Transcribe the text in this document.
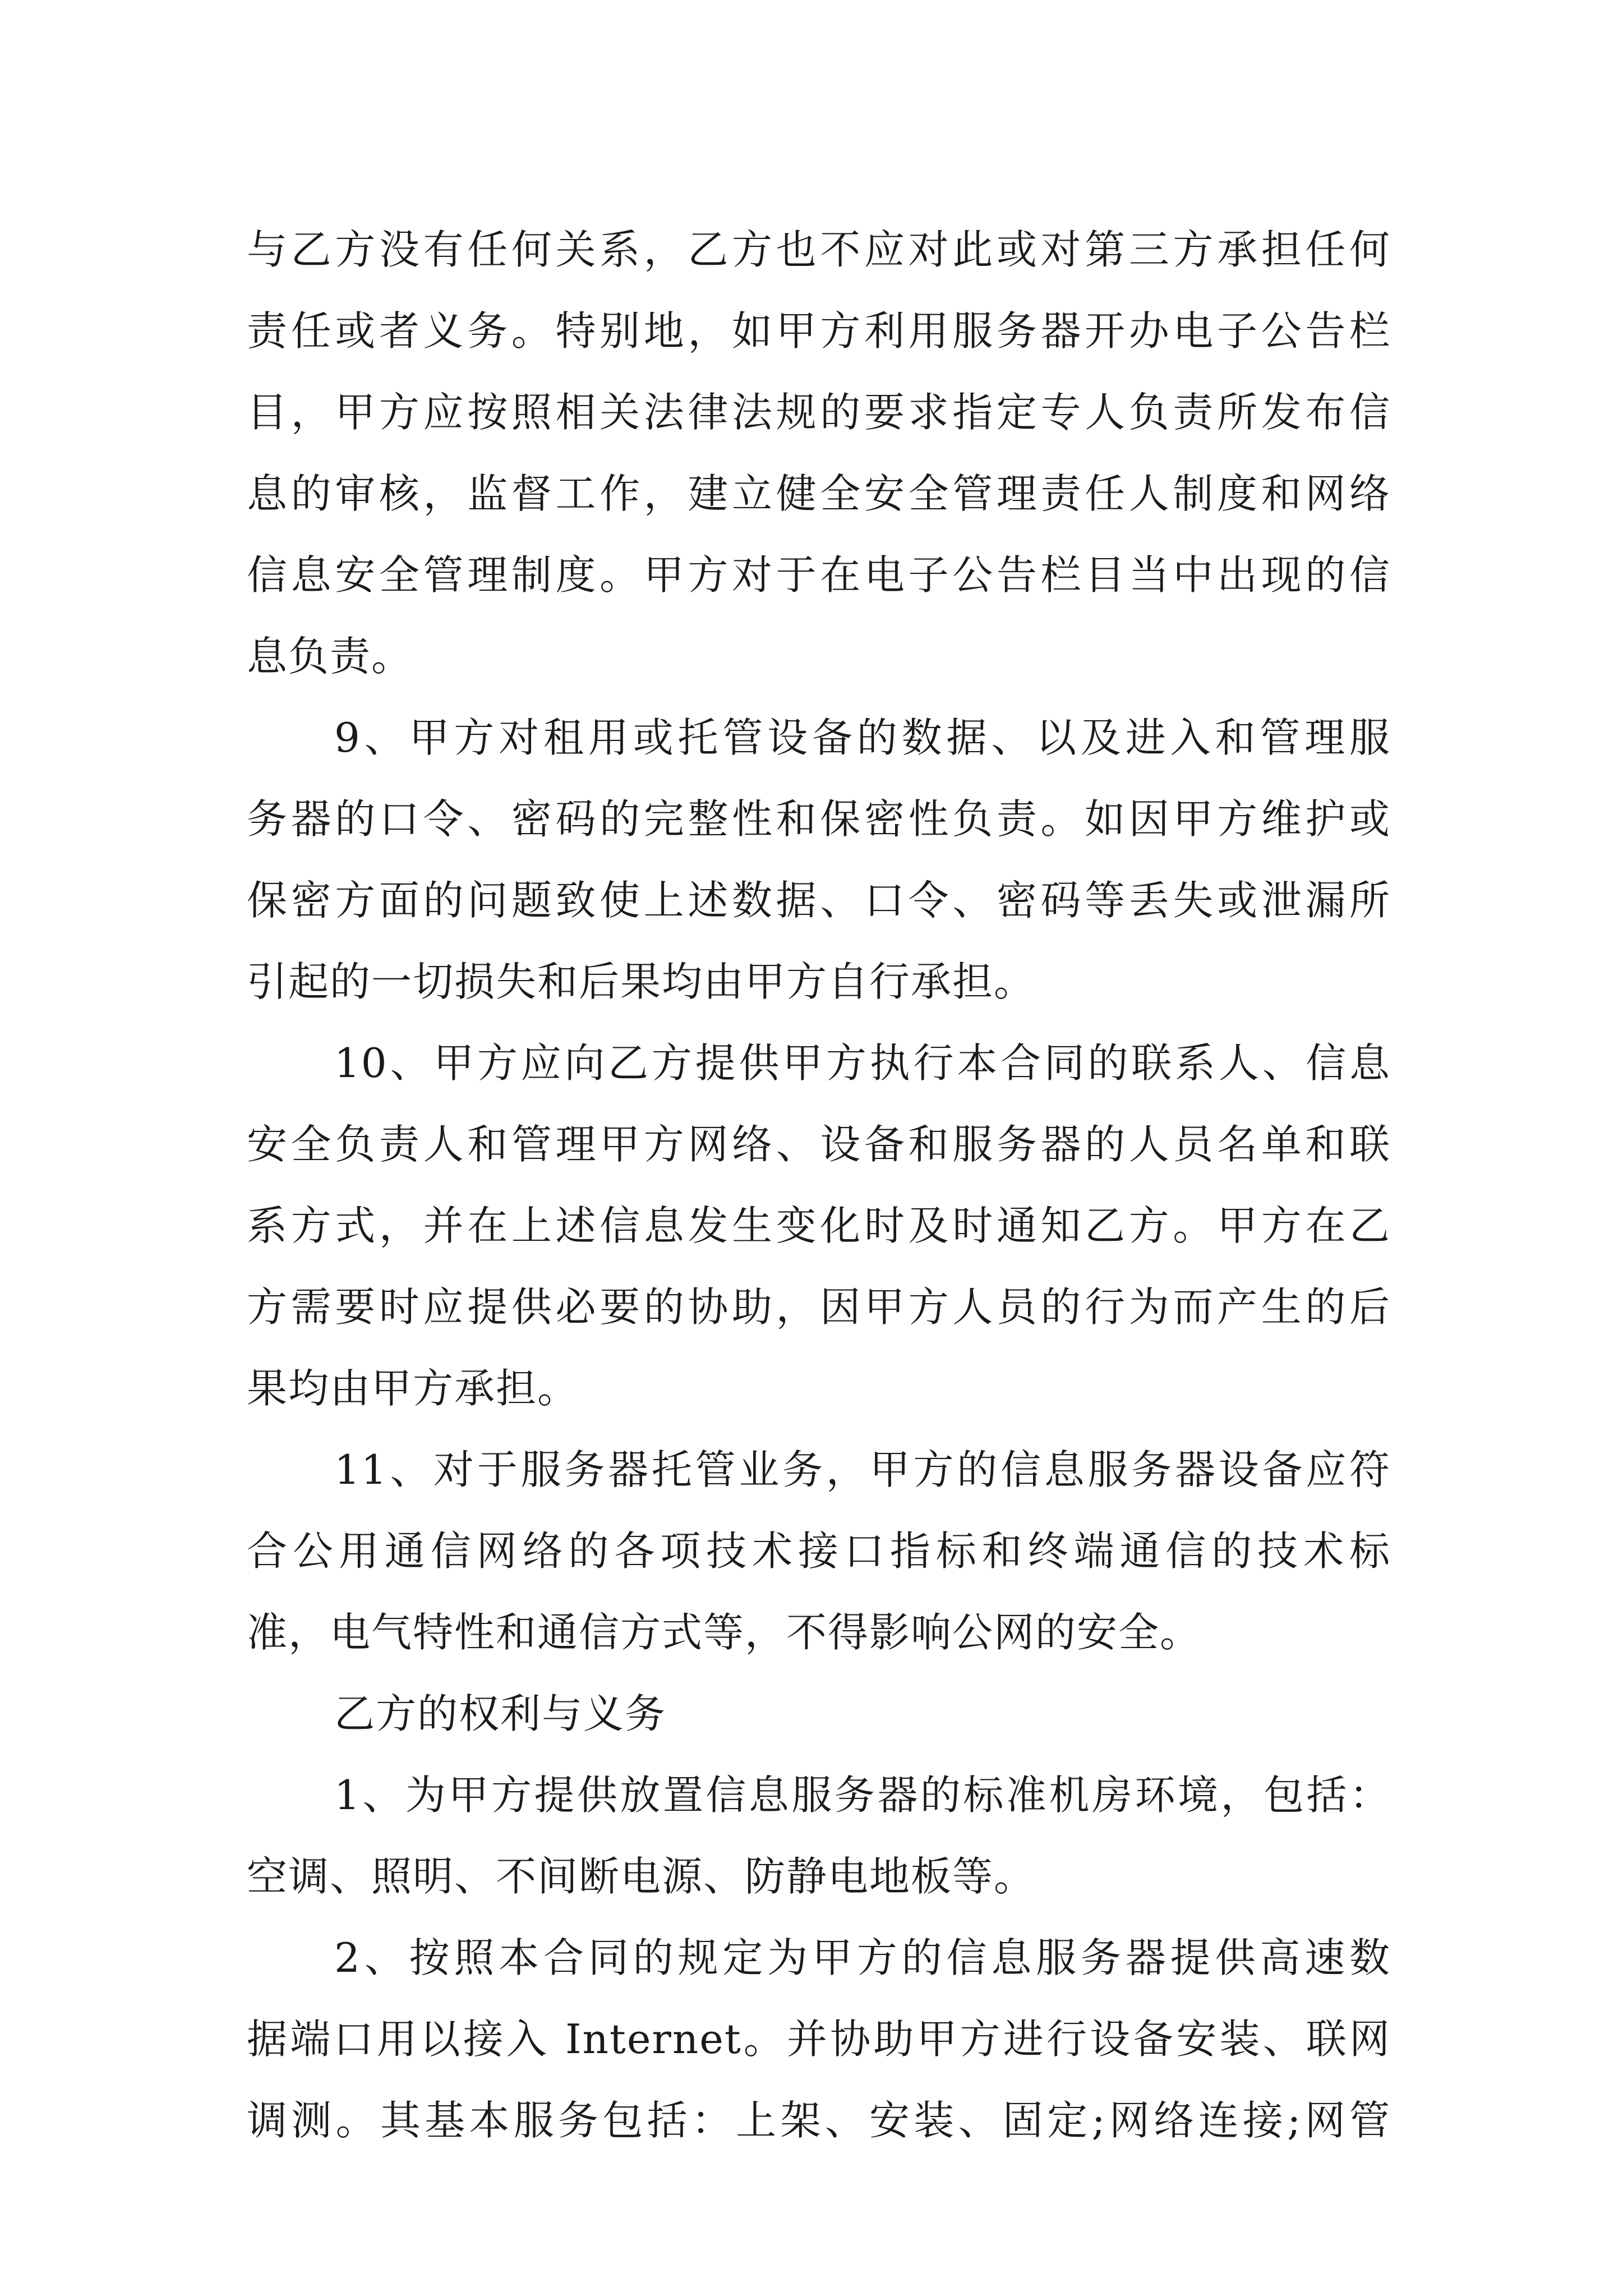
与乙方没有任何关系，乙方也不应对此或对第三方承担任何
责任或者义务。特别地，如甲方利用服务器开办电子公告栏
目，甲方应按照相关法律法规的要求指定专人负责所发布信
息的审核，监督工作，建立健全安全管理责任人制度和网络
信息安全管理制度。甲方对于在电子公告栏目当中出现的信
息负责。
9、甲方对租用或托管设备的数据、以及进入和管理服
务器的口令、密码的完整性和保密性负责。如因甲方维护或
保密方面的问题致使上述数据、口令、密码等丢失或泄漏所
引起的一切损失和后果均由甲方自行承担。
10、甲方应向乙方提供甲方执行本合同的联系人、信息
安全负责人和管理甲方网络、设备和服务器的人员名单和联
系方式，并在上述信息发生变化时及时通知乙方。甲方在乙
方需要时应提供必要的协助，因甲方人员的行为而产生的后
果均由甲方承担。
11、对于服务器托管业务，甲方的信息服务器设备应符
合公用通信网络的各项技术接口指标和终端通信的技术标
准，电气特性和通信方式等，不得影响公网的安全。
乙方的权利与义务
1、为甲方提供放置信息服务器的标准机房环境，包括：
空调、照明、不间断电源、防静电地板等。
2、按照本合同的规定为甲方的信息服务器提供高速数
据端口用以接入 Internet。并协助甲方进行设备安装、联网
调测。其基本服务包括：上架、安装、固定;网络连接;网管
